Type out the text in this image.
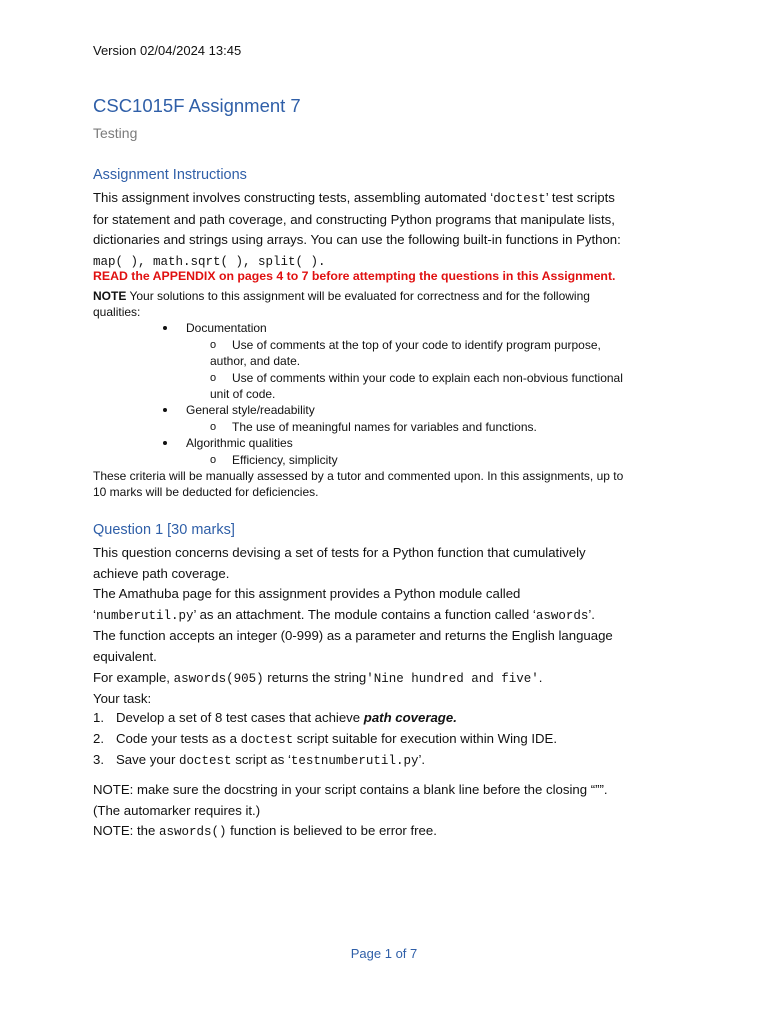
Version 02/04/2024 13:45
CSC1015F Assignment 7
Testing
Assignment Instructions
This assignment involves constructing tests, assembling automated ‘doctest’ test scripts
for statement and path coverage, and constructing Python programs that manipulate lists,
dictionaries and strings using arrays. You can use the following built-in functions in Python:
map( ), math.sqrt( ), split( ).
READ the APPENDIX on pages 4 to 7 before attempting the questions in this Assignment.
NOTE Your solutions to this assignment will be evaluated for correctness and for the following
qualities:
Documentation
o Use of comments at the top of your code to identify program purpose,
author, and date.
o Use of comments within your code to explain each non-obvious functional
unit of code.
General style/readability
o The use of meaningful names for variables and functions.
Algorithmic qualities
o Efficiency, simplicity
These criteria will be manually assessed by a tutor and commented upon. In this assignments, up to
10 marks will be deducted for deficiencies.
Question 1 [30 marks]
This question concerns devising a set of tests for a Python function that cumulatively
achieve path coverage.
The Amathuba page for this assignment provides a Python module called
‘numberutil.py’ as an attachment. The module contains a function called ‘aswords’.
The function accepts an integer (0-999) as a parameter and returns the English language
equivalent.
For example, aswords(905) returns the string'Nine hundred and five'.
Your task:
1. Develop a set of 8 test cases that achieve path coverage.
2. Code your tests as a doctest script suitable for execution within Wing IDE.
3. Save your doctest script as ‘testnumberutil.py’.
NOTE: make sure the docstring in your script contains a blank line before the closing “””.
(The automarker requires it.)
NOTE: the aswords() function is believed to be error free.
Page 1 of 7
